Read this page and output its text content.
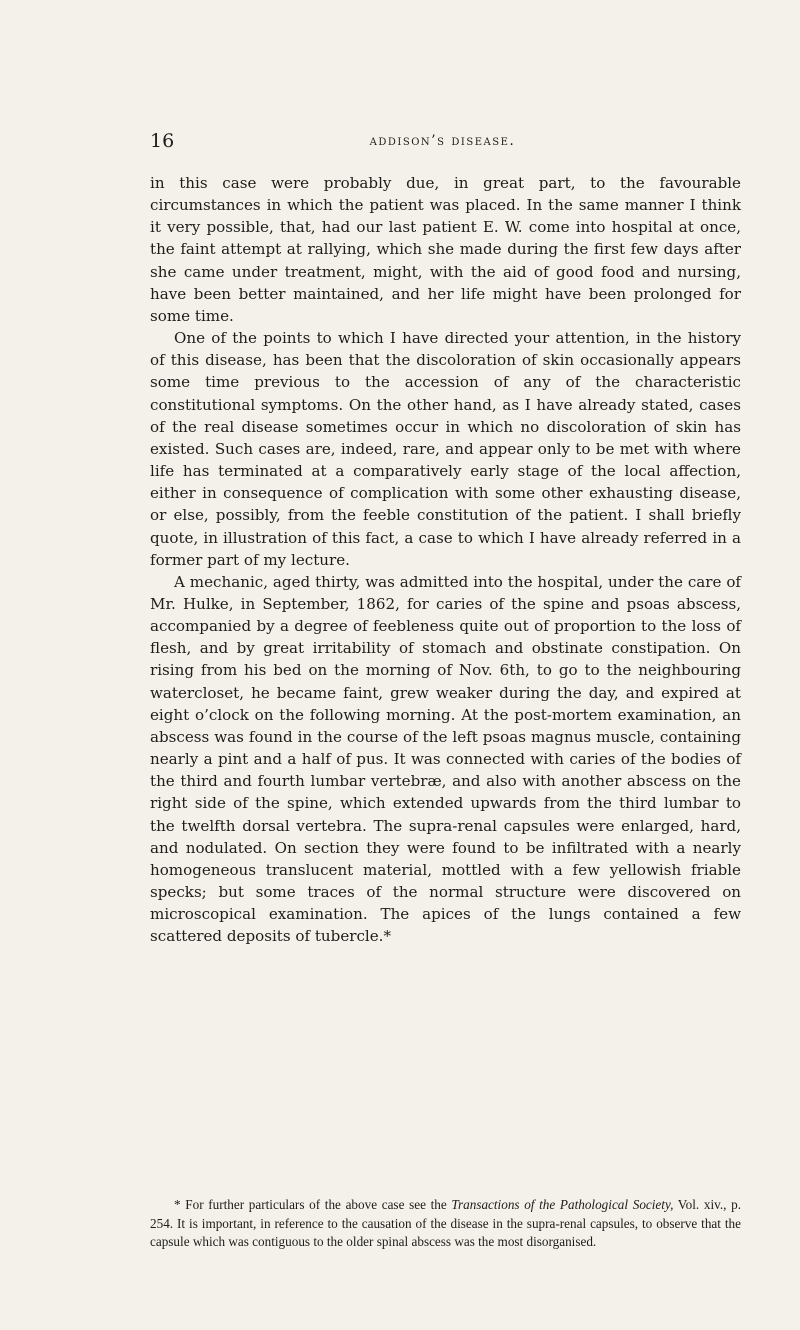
16	addison’s disease.

in this case were probably due, in great part, to the favourable circumstances in which the patient was placed. In the same manner I think it very possible, that, had our last patient E. W. come into hospital at once, the faint attempt at rallying, which she made during the first few days after she came under treatment, might, with the aid of good food and nursing, have been better maintained, and her life might have been prolonged for some time.

One of the points to which I have directed your attention, in the history of this disease, has been that the discoloration of skin occasionally appears some time previous to the accession of any of the characteristic constitutional symptoms. On the other hand, as I have already stated, cases of the real disease sometimes occur in which no discoloration of skin has existed. Such cases are, indeed, rare, and appear only to be met with where life has terminated at a comparatively early stage of the local affection, either in consequence of complication with some other exhausting disease, or else, possibly, from the feeble constitution of the patient. I shall briefly quote, in illustration of this fact, a case to which I have already referred in a former part of my lecture.

A mechanic, aged thirty, was admitted into the hospital, under the care of Mr. Hulke, in September, 1862, for caries of the spine and psoas abscess, accompanied by a degree of feebleness quite out of proportion to the loss of flesh, and by great irritability of stomach and obstinate constipation. On rising from his bed on the morning of Nov. 6th, to go to the neighbouring watercloset, he became faint, grew weaker during the day, and expired at eight o’clock on the following morning. At the post-mortem examination, an abscess was found in the course of the left psoas magnus muscle, containing nearly a pint and a half of pus. It was connected with caries of the bodies of the third and fourth lumbar vertebræ, and also with another abscess on the right side of the spine, which extended upwards from the third lumbar to the twelfth dorsal vertebra. The supra-renal capsules were enlarged, hard, and nodulated. On section they were found to be infiltrated with a nearly homogeneous translucent material, mottled with a few yellowish friable specks; but some traces of the normal structure were discovered on microscopical examination. The apices of the lungs contained a few scattered deposits of tubercle.*

* For further particulars of the above case see the Transactions of the Pathological Society, Vol. xiv., p. 254. It is important, in reference to the causation of the disease in the supra-renal capsules, to observe that the capsule which was contiguous to the older spinal abscess was the most disorganised.
